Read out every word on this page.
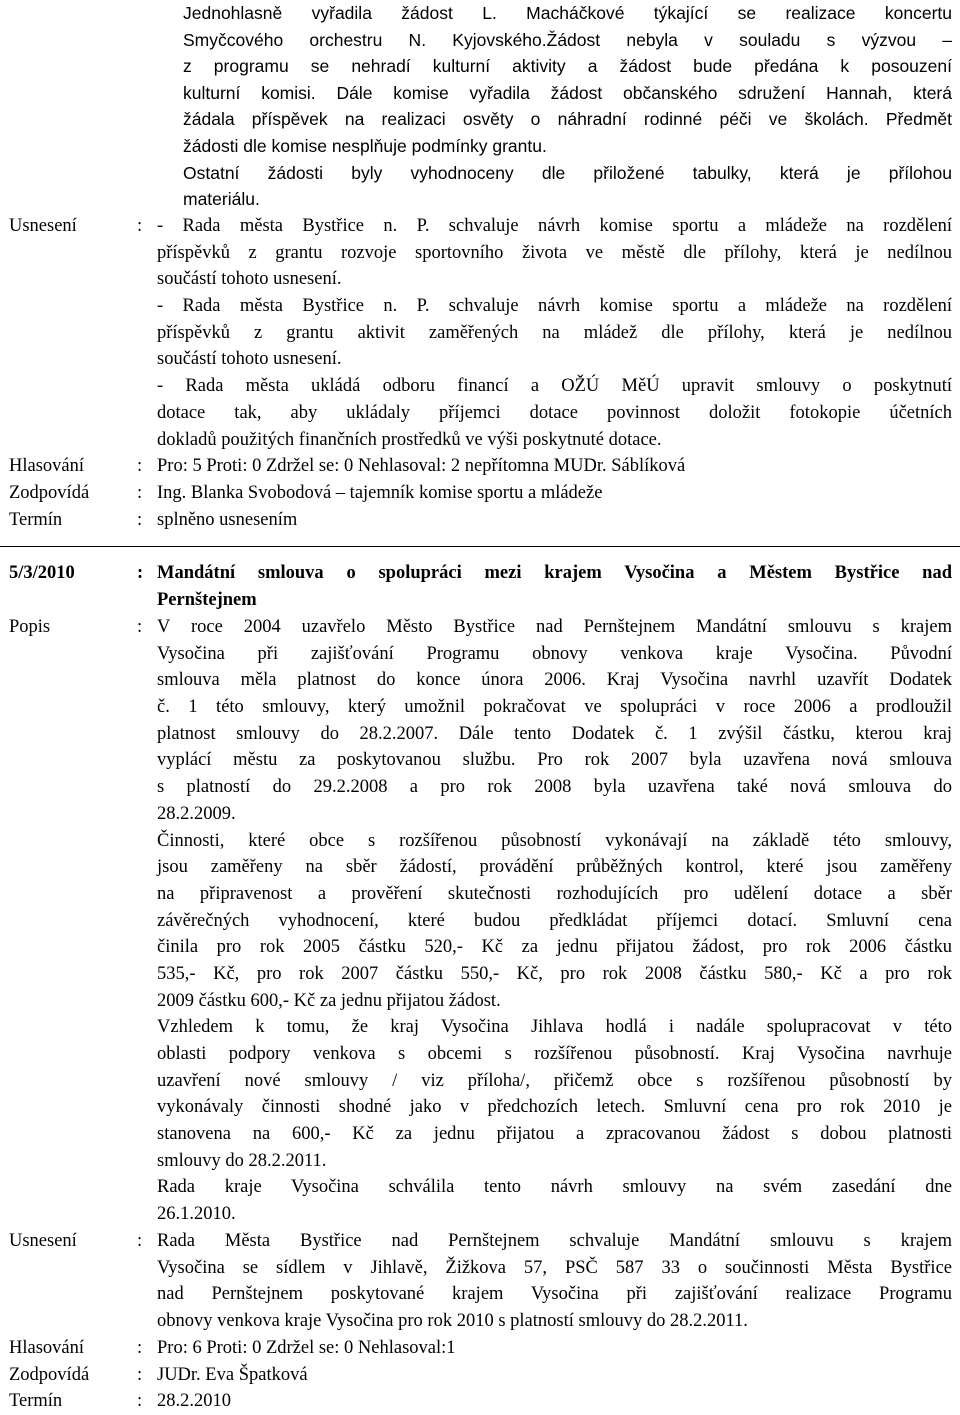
Jednohlasně vyřadila žádost L. Macháčkové týkající se realizace koncertu
Smyčcového orchestru N. Kyjovského.Žádost nebyla v souladu s výzvou –
z programu se nehradí kulturní aktivity a žádost bude předána k posouzení
kulturní komisi. Dále komise vyřadila žádost občanského sdružení Hannah, která
žádala příspěvek na realizaci osvěty o náhradní rodinné péči ve školách. Předmět
žádosti dle komise nesplňuje podmínky grantu.
Ostatní žádosti byly vyhodnoceny dle přiložené tabulky, která je přílohou
materiálu.
Usnesení	: - Rada města Bystřice n. P. schvaluje návrh komise sportu a mládeže na rozdělení
příspěvků z grantu rozvoje sportovního života ve městě dle přílohy, která je nedílnou
součástí tohoto usnesení.
- Rada města Bystřice n. P. schvaluje návrh komise sportu a mládeže na rozdělení
příspěvků z grantu aktivit zaměřených na mládež dle přílohy, která je nedílnou
součástí tohoto usnesení.
- Rada města ukládá odboru financí a OŽÚ MěÚ upravit smlouvy o poskytnutí
dotace tak, aby ukládaly příjemci dotace povinnost doložit fotokopie účetních
dokladů použitých finančních prostředků ve výši poskytnuté dotace.
Hlasování	: Pro: 5 Proti: 0 Zdržel se: 0 Nehlasoval: 2 nepřítomna MUDr. Sáblíková
Zodpovídá	: Ing. Blanka Svobodová – tajemník komise sportu a mládeže
Termín	: splněno usnesením
5/3/2010	: Mandátní smlouva o spolupráci mezi krajem Vysočina a Městem Bystřice nad
Pernštejnem
Popis	: V roce 2004 uzavřelo Město Bystřice nad Pernštejnem Mandátní smlouvu s krajem
Vysočina při zajišťování Programu obnovy venkova kraje Vysočina. Původní
smlouva měla platnost do konce února 2006. Kraj Vysočina navrhl uzavřít Dodatek
č. 1 této smlouvy, který umožnil pokračovat ve spolupráci v roce 2006 a prodloužil
platnost smlouvy do 28.2.2007. Dále tento Dodatek č. 1 zvýšil částku, kterou kraj
vyplácí městu za poskytovanou službu. Pro rok 2007 byla uzavřena nová smlouva
s platností do 29.2.2008 a pro rok 2008 byla uzavřena také nová smlouva do
28.2.2009.
Činnosti, které obce s rozšířenou působností vykonávají na základě této smlouvy,
jsou zaměřeny na sběr žádostí, provádění průběžných kontrol, které jsou zaměřeny
na připravenost a prověření skutečnosti rozhodujících pro udělení dotace a sběr
závěrečných vyhodnocení, které budou předkládat příjemci dotací. Smluvní cena
činila pro rok 2005 částku 520,- Kč za jednu přijatou žádost, pro rok 2006 částku
535,- Kč, pro rok 2007 částku 550,- Kč, pro rok 2008 částku 580,- Kč a pro rok
2009 částku 600,- Kč za jednu přijatou žádost.
Vzhledem k tomu, že kraj Vysočina Jihlava hodlá i nadále spolupracovat v této
oblasti podpory venkova s obcemi s rozšířenou působností. Kraj Vysočina navrhuje
uzavření nové smlouvy / viz příloha/, přičemž obce s rozšířenou působností by
vykonávaly činnosti shodné jako v předchozích letech. Smluvní cena pro rok 2010 je
stanovena na 600,- Kč za jednu přijatou a zpracovanou žádost s dobou platnosti
smlouvy do 28.2.2011.
Rada kraje Vysočina schválila tento návrh smlouvy na svém zasedání dne
26.1.2010.
Usnesení	: Rada Města Bystřice nad Pernštejnem schvaluje Mandátní smlouvu s krajem
Vysočina se sídlem v Jihlavě, Žižkova 57, PSČ 587 33 o součinnosti Města Bystřice
nad Pernštejnem poskytované krajem Vysočina při zajišťování realizace Programu
obnovy venkova kraje Vysočina pro rok 2010 s platností smlouvy do 28.2.2011.
Hlasování	: Pro: 6 Proti: 0 Zdržel se: 0 Nehlasoval:1
Zodpovídá	: JUDr. Eva Špatková
Termín	: 28.2.2010
